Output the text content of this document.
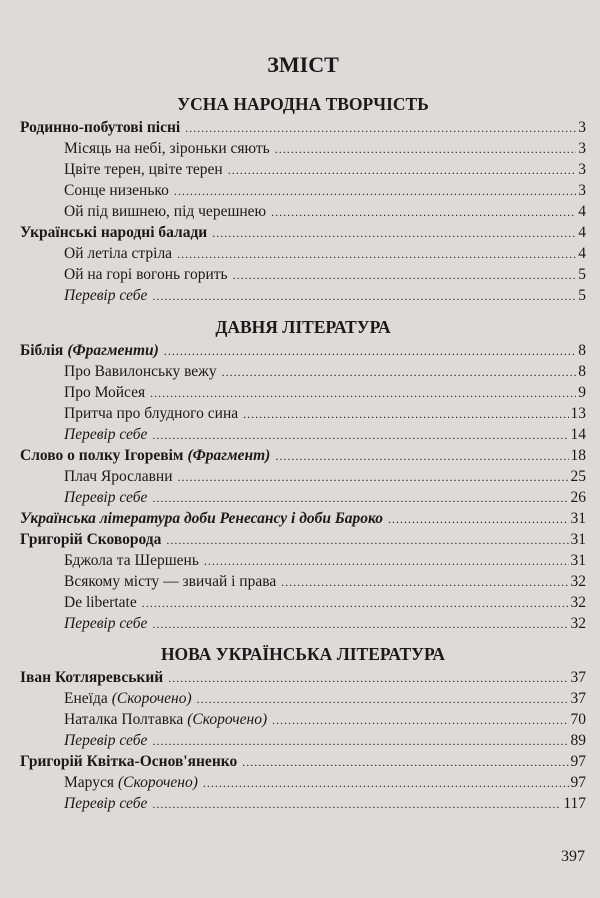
ЗМІСТ
УСНА НАРОДНА ТВОРЧІСТЬ
Родинно-побутові пісні .....	3
Місяць на небі, зіроньки сяють .....	3
Цвіте терен, цвіте терен .....	3
Сонце низенько .....	3
Ой під вишнею, під черешнею .....	4
Українські народні балади .....	4
Ой летіла стріла .....	4
Ой на горі вогонь горить .....	5
Перевір себе .....	5
ДАВНЯ ЛІТЕРАТУРА
Біблія (Фрагменти) .....	8
Про Вавилонську вежу .....	8
Про Мойсея .....	9
Притча про блудного сина .....	13
Перевір себе .....	14
Слово о полку Ігоревім (Фрагмент) .....	18
Плач Ярославни .....	25
Перевір себе .....	26
Українська література доби Ренесансу і доби Бароко .....	31
Григорій Сковорода .....	31
Бджола та Шершень .....	31
Всякому місту — звичай і права .....	32
De libertate .....	32
Перевір себе .....	32
НОВА УКРАЇНСЬКА ЛІТЕРАТУРА
Іван Котляревський .....	37
Енеїда (Скорочено) .....	37
Наталка Полтавка (Скорочено) .....	70
Перевір себе .....	89
Григорій Квітка-Основ'яненко .....	97
Маруся (Скорочено) .....	97
Перевір себе .....	117
397
